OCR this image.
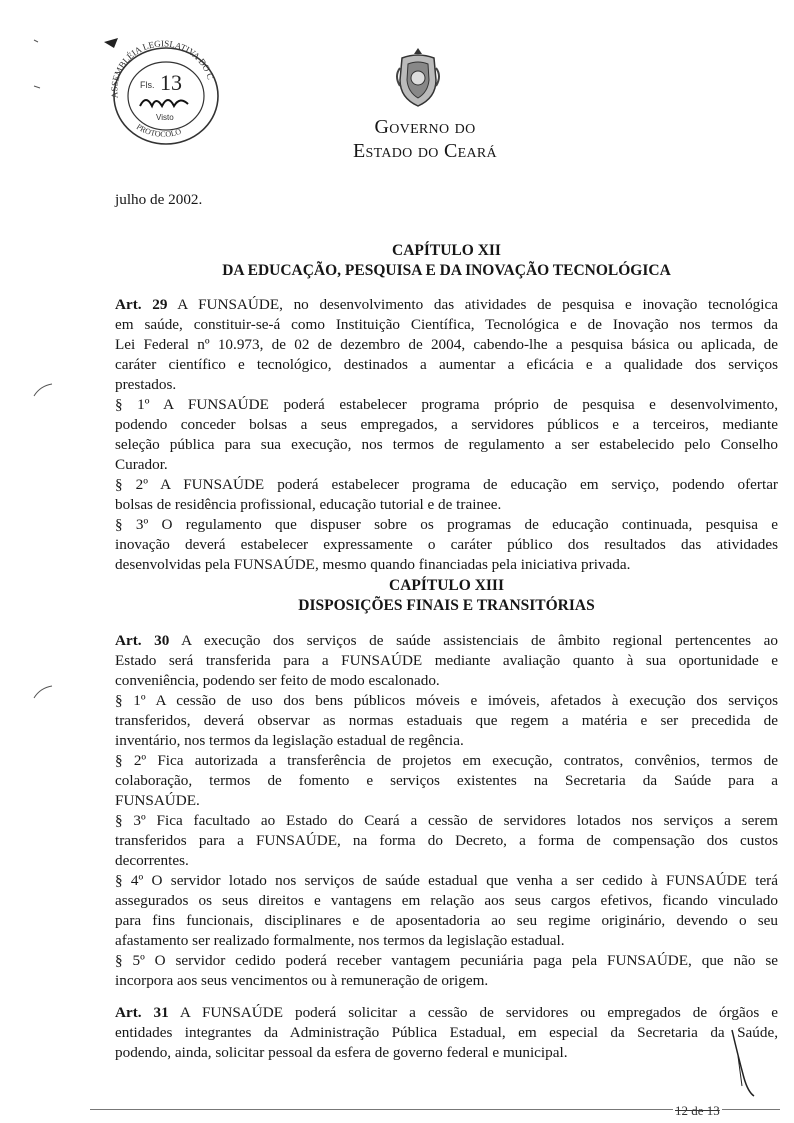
ASSEMBLÉIA LEGISLATIVA DO C
PROTOCOLO
Fls. 13
Visto	Governo do
Estado do Ceará
julho de 2002.
CAPÍTULO XII
DA EDUCAÇÃO, PESQUISA E DA INOVAÇÃO TECNOLÓGICA
Art. 29 A FUNSAÚDE, no desenvolvimento das atividades de pesquisa e inovação tecnológica
em saúde, constituir-se-á como Instituição Científica, Tecnológica e de Inovação nos termos da
Lei Federal nº 10.973, de 02 de dezembro de 2004, cabendo-lhe a pesquisa básica ou aplicada, de
caráter científico e tecnológico, destinados a aumentar a eficácia e a qualidade dos serviços
prestados.
§ 1º A FUNSAÚDE poderá estabelecer programa próprio de pesquisa e desenvolvimento,
podendo conceder bolsas a seus empregados, a servidores públicos e a terceiros, mediante
seleção pública para sua execução, nos termos de regulamento a ser estabelecido pelo Conselho
Curador.
§ 2º A FUNSAÚDE poderá estabelecer programa de educação em serviço, podendo ofertar
bolsas de residência profissional, educação tutorial e de trainee.
§ 3º O regulamento que dispuser sobre os programas de educação continuada, pesquisa e
inovação deverá estabelecer expressamente o caráter público dos resultados das atividades
desenvolvidas pela FUNSAÚDE, mesmo quando financiadas pela iniciativa privada.
CAPÍTULO XIII
DISPOSIÇÕES FINAIS E TRANSITÓRIAS
Art. 30 A execução dos serviços de saúde assistenciais de âmbito regional pertencentes ao
Estado será transferida para a FUNSAÚDE mediante avaliação quanto à sua oportunidade e
conveniência, podendo ser feito de modo escalonado.
§ 1º A cessão de uso dos bens públicos móveis e imóveis, afetados à execução dos serviços
transferidos, deverá observar as normas estaduais que regem a matéria e ser precedida de
inventário, nos termos da legislação estadual de regência.
§ 2º Fica autorizada a transferência de projetos em execução, contratos, convênios, termos de
colaboração, termos de fomento e serviços existentes na Secretaria da Saúde para a
FUNSAÚDE.
§ 3º Fica facultado ao Estado do Ceará a cessão de servidores lotados nos serviços a serem
transferidos para a FUNSAÚDE, na forma do Decreto, a forma de compensação dos custos
decorrentes.
§ 4º O servidor lotado nos serviços de saúde estadual que venha a ser cedido à FUNSAÚDE terá
assegurados os seus direitos e vantagens em relação aos seus cargos efetivos, ficando vinculado
para fins funcionais, disciplinares e de aposentadoria ao seu regime originário, devendo o seu
afastamento ser realizado formalmente, nos termos da legislação estadual.
§ 5º O servidor cedido poderá receber vantagem pecuniária paga pela FUNSAÚDE, que não se
incorpora aos seus vencimentos ou à remuneração de origem.
Art. 31 A FUNSAÚDE poderá solicitar a cessão de servidores ou empregados de órgãos e
entidades integrantes da Administração Pública Estadual, em especial da Secretaria da Saúde,
podendo, ainda, solicitar pessoal da esfera de governo federal e municipal.
12 de 13
